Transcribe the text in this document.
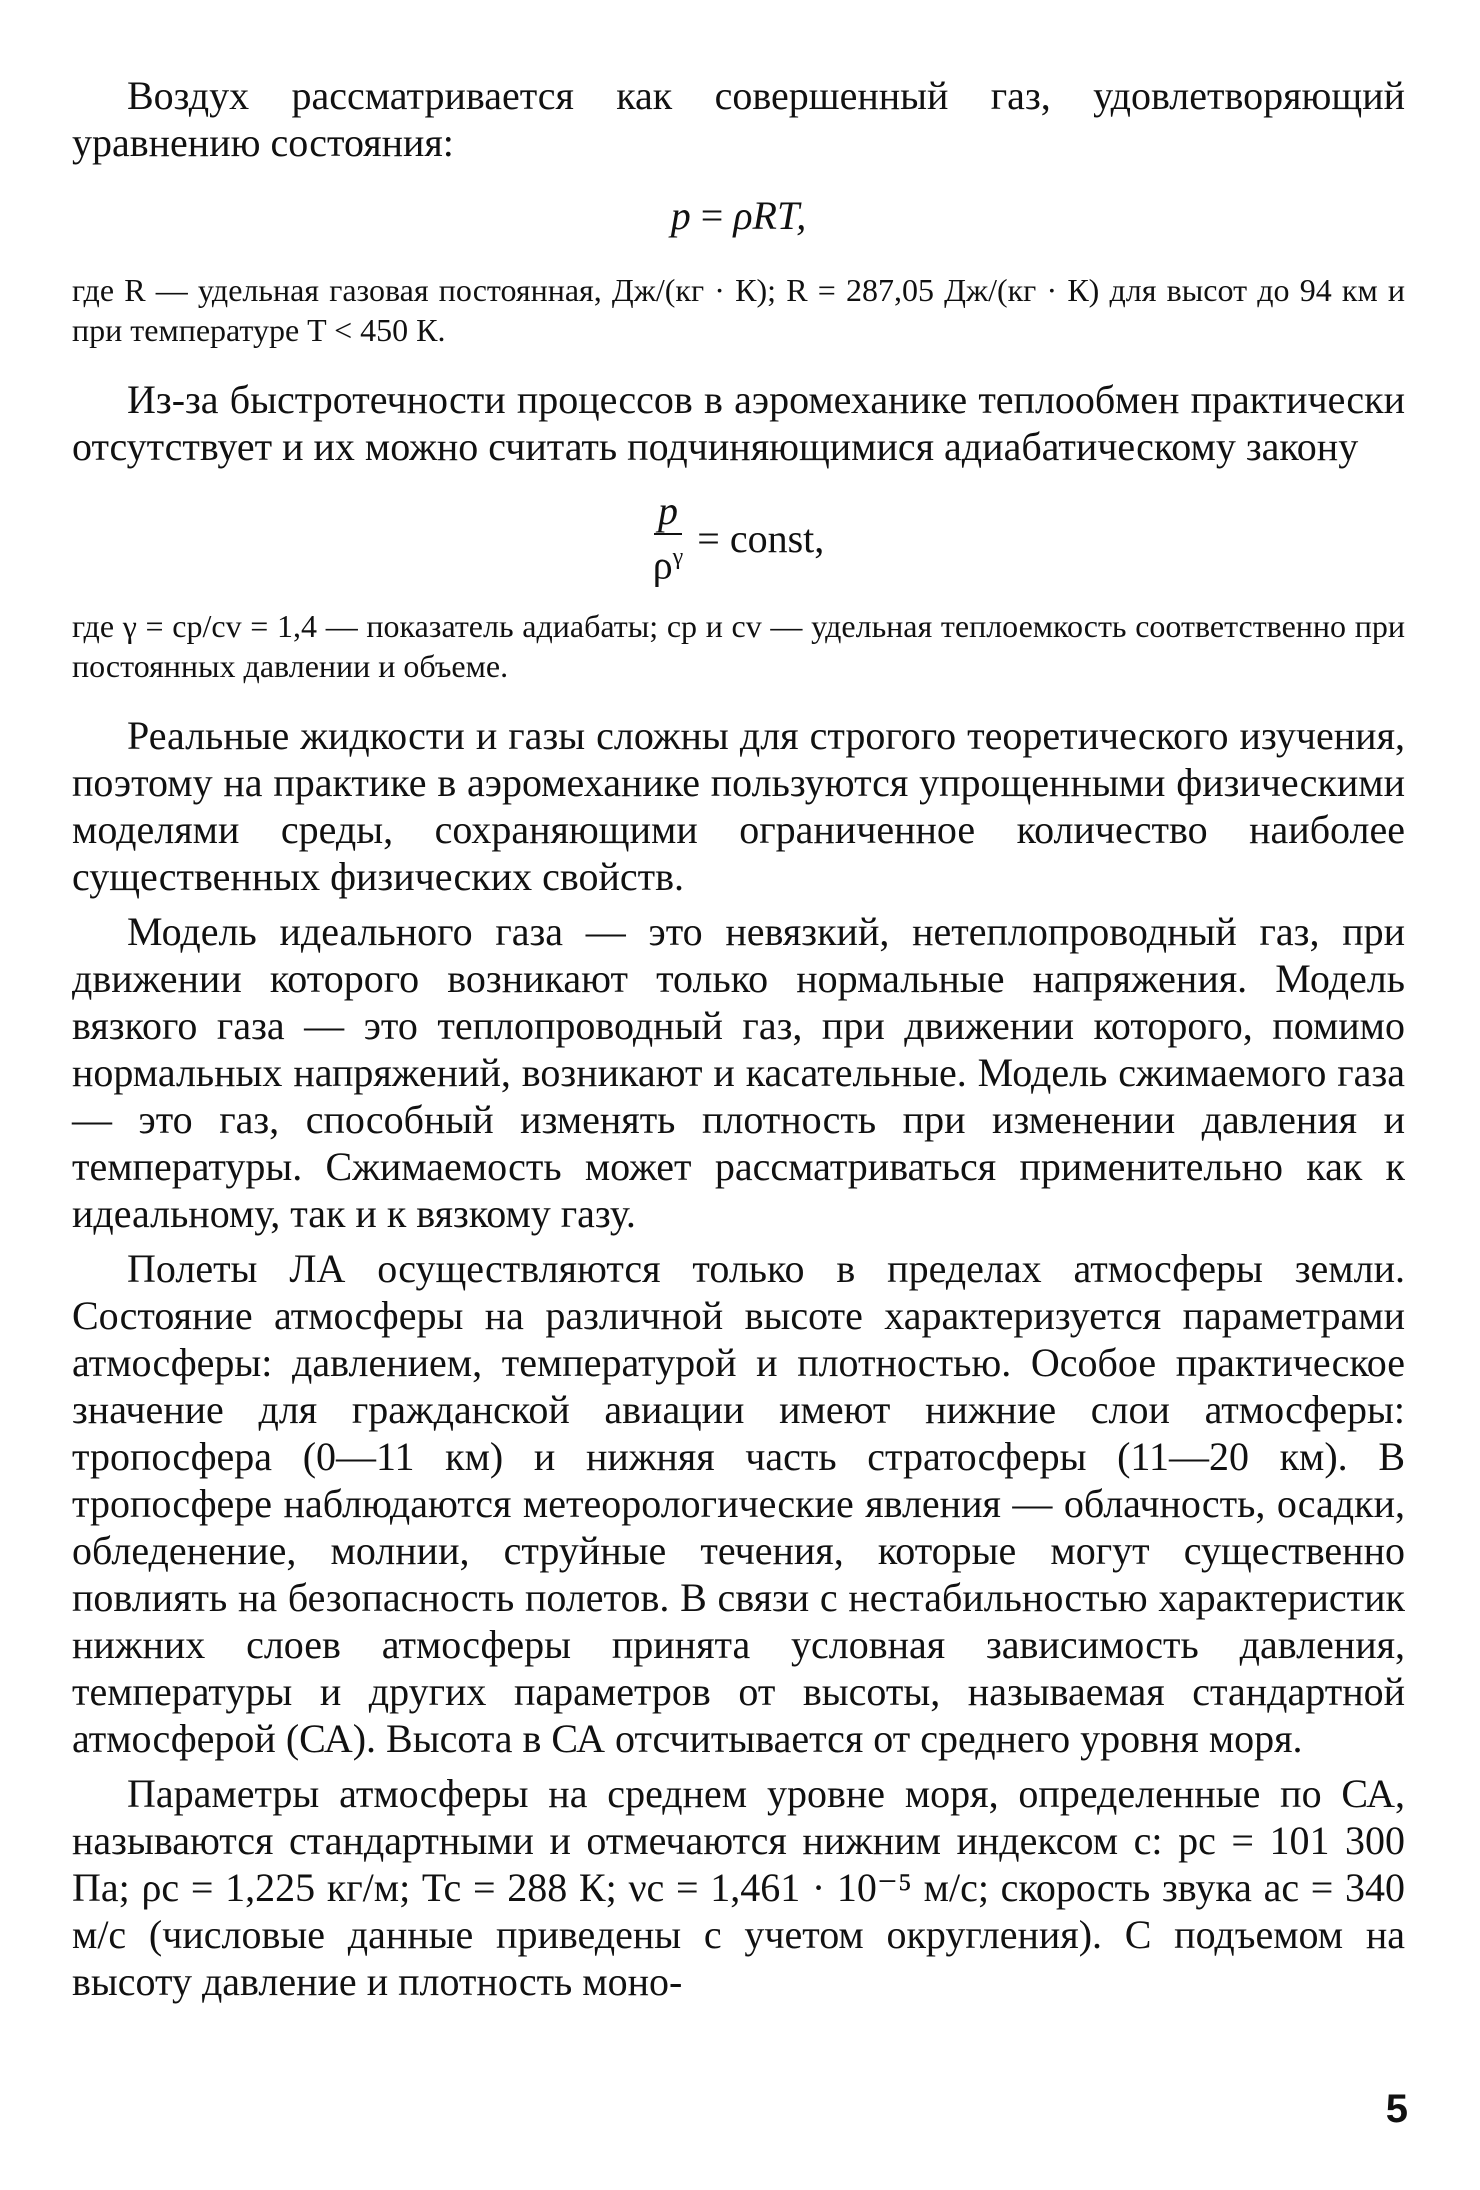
Воздух рассматривается как совершенный газ, удовлетворяющий уравнению состояния:

p = ρRT,

где R — удельная газовая постоянная, Дж/(кг · К); R = 287,05 Дж/(кг · К) для высот до 94 км и при температуре T < 450 К.

Из-за быстротечности процессов в аэромеханике теплообмен практически отсутствует и их можно считать подчиняющимися адиабатическому закону

$\frac{p}{\rho^\gamma}$ = const,

где γ = cp/cv = 1,4 — показатель адиабаты; cp и cv — удельная теплоемкость соответственно при постоянных давлении и объеме.

Реальные жидкости и газы сложны для строгого теоретического изучения, поэтому на практике в аэромеханике пользуются упрощенными физическими моделями среды, сохраняющими ограниченное количество наиболее существенных физических свойств.

Модель идеального газа — это невязкий, нетеплопроводный газ, при движении которого возникают только нормальные напряжения. Модель вязкого газа — это теплопроводный газ, при движении которого, помимо нормальных напряжений, возникают и касательные. Модель сжимаемого газа — это газ, способный изменять плотность при изменении давления и температуры. Сжимаемость может рассматриваться применительно как к идеальному, так и к вязкому газу.

Полеты ЛА осуществляются только в пределах атмосферы земли. Состояние атмосферы на различной высоте характеризуется параметрами атмосферы: давлением, температурой и плотностью. Особое практическое значение для гражданской авиации имеют нижние слои атмосферы: тропосфера (0—11 км) и нижняя часть стратосферы (11—20 км). В тропосфере наблюдаются метеорологические явления — облачность, осадки, обледенение, молнии, струйные течения, которые могут существенно повлиять на безопасность полетов. В связи с нестабильностью характеристик нижних слоев атмосферы принята условная зависимость давления, температуры и других параметров от высоты, называемая стандартной атмосферой (СА). Высота в СА отсчитывается от среднего уровня моря.

Параметры атмосферы на среднем уровне моря, определенные по СА, называются стандартными и отмечаются нижним индексом c: pc = 101 300 Па; ρc = 1,225 кг/м; Tc = 288 К; νc = 1,461 · 10⁻⁵ м/с; скорость звука ac = 340 м/с (числовые данные приведены с учетом округления). С подъемом на высоту давление и плотность моно-

5
